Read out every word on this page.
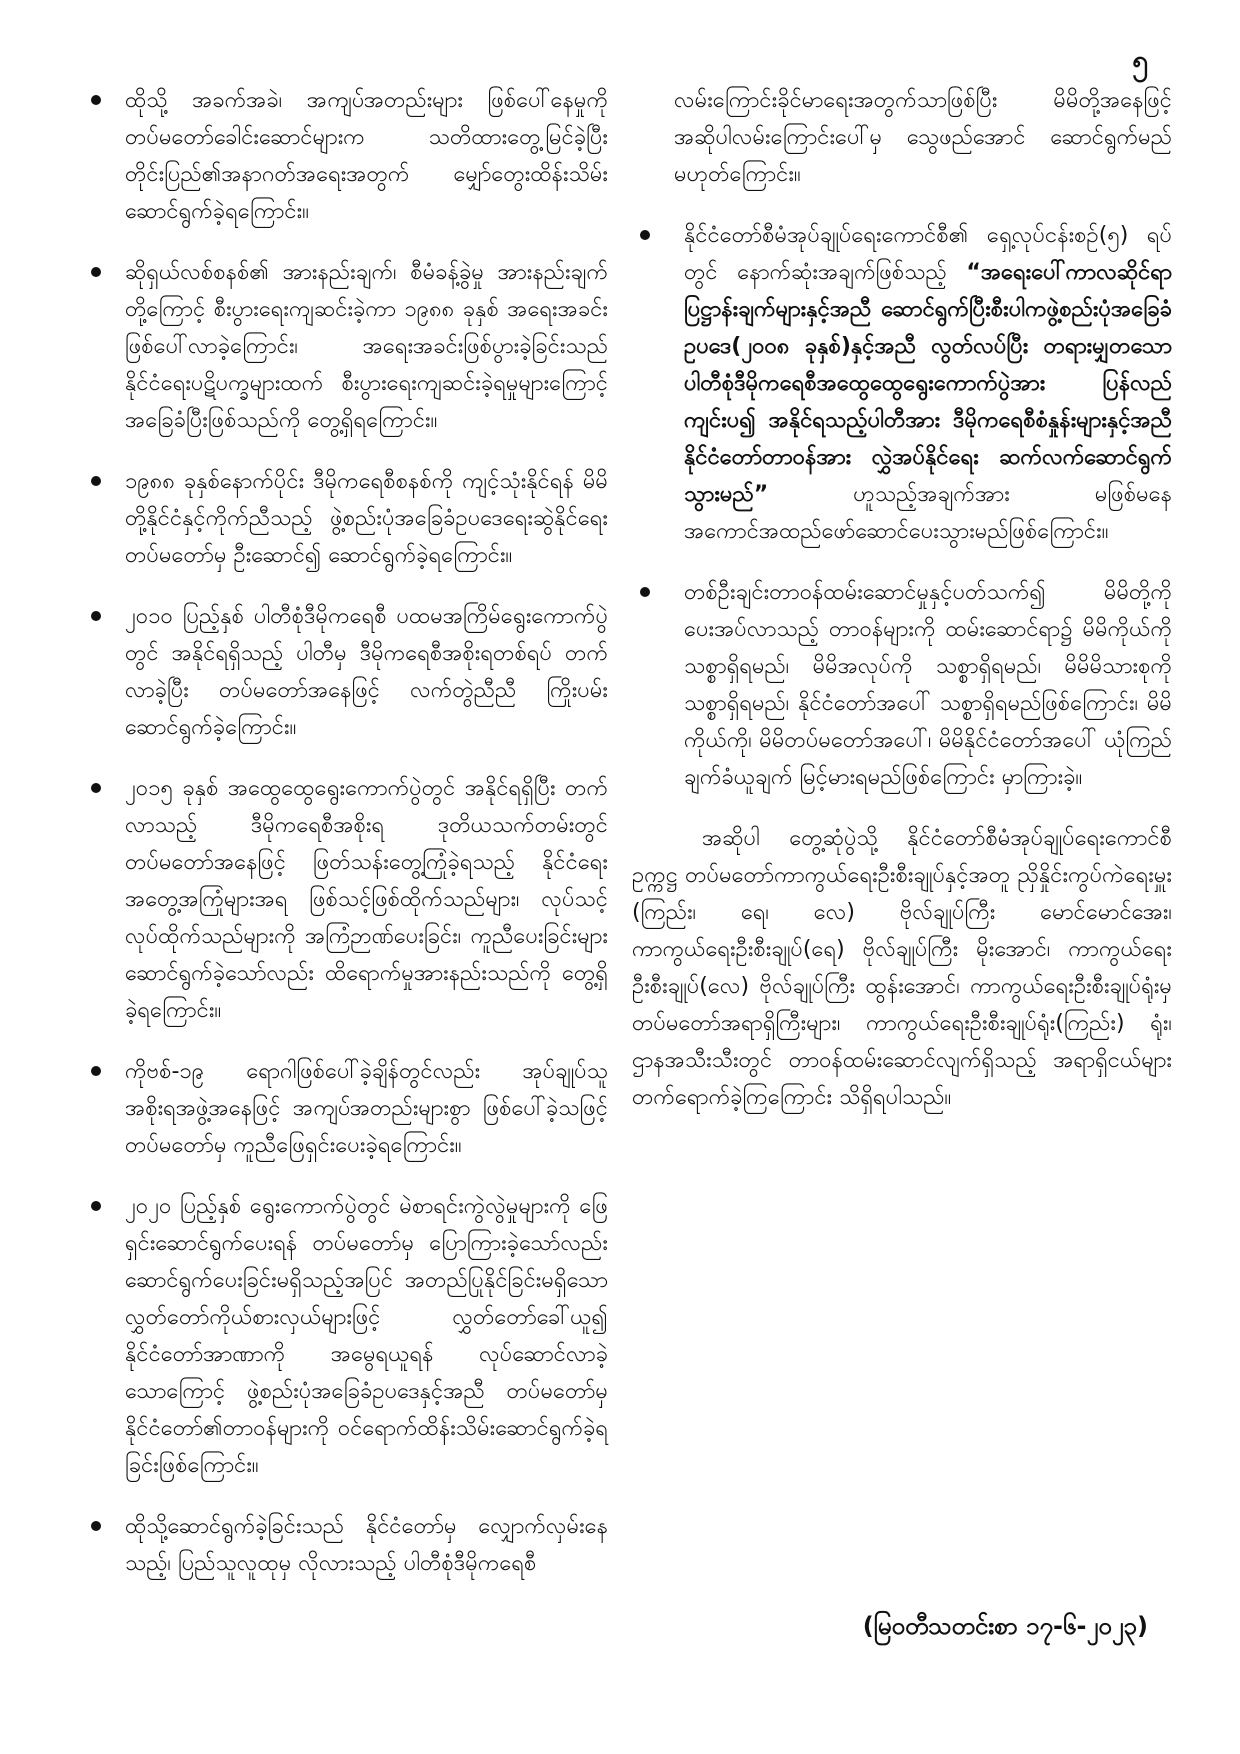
၅

ထိုသို့ အခက်အခဲ၊ အကျပ်အတည်းများ ဖြစ်ပေါ်နေမှုကို တပ်မတော်ခေါင်းဆောင်များက သတိထားတွေ့မြင်ခဲ့ပြီး တိုင်းပြည်၏အနာဂတ်အရေးအတွက် မျှော်တွေးထိန်းသိမ်းဆောင်ရွက်ခဲ့ရကြောင်း။

ဆိုရှယ်လစ်စနစ်၏ အားနည်းချက်၊ စီမံခန့်ခွဲမှု အားနည်းချက်တို့ကြောင့် စီးပွားရေးကျဆင်းခဲ့ကာ ၁၉၈၈ ခုနှစ် အရေးအခင်း ဖြစ်ပေါ်လာခဲ့ကြောင်း၊ အရေးအခင်းဖြစ်ပွားခဲ့ခြင်းသည် နိုင်ငံရေးပဋိပက္ခများထက် စီးပွားရေးကျဆင်းခဲ့ရမှုများကြောင့် အခြေခံပြီးဖြစ်သည်ကို တွေ့ရှိရကြောင်း။

၁၉၈၈ ခုနှစ်နောက်ပိုင်း ဒီမိုကရေစီစနစ်ကို ကျင့်သုံးနိုင်ရန် မိမိတို့နိုင်ငံနှင့်ကိုက်ညီသည့် ဖွဲ့စည်းပုံအခြေခံဥပဒေရေးဆွဲနိုင်ရေး တပ်မတော်မှ ဦးဆောင်၍ ဆောင်ရွက်ခဲ့ရကြောင်း။

၂၀၁၀ ပြည့်နှစ် ပါတီစုံဒီမိုကရေစီ ပထမအကြိမ်ရွေးကောက်ပွဲတွင် အနိုင်ရရှိသည့် ပါတီမှ ဒီမိုကရေစီအစိုးရတစ်ရပ် တက်လာခဲ့ပြီး တပ်မတော်အနေဖြင့် လက်တွဲညီညီ ကြိုးပမ်းဆောင်ရွက်ခဲ့ကြောင်း။

၂၀၁၅ ခုနှစ် အထွေထွေရွေးကောက်ပွဲတွင် အနိုင်ရရှိပြီး တက်လာသည့် ဒီမိုကရေစီအစိုးရ ဒုတိယသက်တမ်းတွင် တပ်မတော်အနေဖြင့် ဖြတ်သန်းတွေ့ကြုံခဲ့ရသည့် နိုင်ငံရေးအတွေ့အကြုံများအရ ဖြစ်သင့်ဖြစ်ထိုက်သည်များ၊ လုပ်သင့်လုပ်ထိုက်သည်များကို အကြံဉာဏ်ပေးခြင်း၊ ကူညီပေးခြင်းများ ဆောင်ရွက်ခဲ့သော်လည်း ထိရောက်မှုအားနည်းသည်ကို တွေ့ရှိခဲ့ရကြောင်း။

ကိုဗစ်-၁၉ ရောဂါဖြစ်ပေါ်ခဲ့ချိန်တွင်လည်း အုပ်ချုပ်သူအစိုးရအဖွဲ့အနေဖြင့် အကျပ်အတည်းများစွာ ဖြစ်ပေါ်ခဲ့သဖြင့် တပ်မတော်မှ ကူညီဖြေရှင်းပေးခဲ့ရကြောင်း။

၂၀၂၀ ပြည့်နှစ် ရွေးကောက်ပွဲတွင် မဲစာရင်းကွဲလွဲမှုများကို ဖြေရှင်းဆောင်ရွက်ပေးရန် တပ်မတော်မှ ပြောကြားခဲ့သော်လည်း ဆောင်ရွက်ပေးခြင်းမရှိသည့်အပြင် အတည်ပြုနိုင်ခြင်းမရှိသော လွှတ်တော်ကိုယ်စားလှယ်များဖြင့် လွှတ်တော်ခေါ်ယူ၍ နိုင်ငံတော်အာဏာကို အမွေရယူရန် လုပ်ဆောင်လာခဲ့သောကြောင့် ဖွဲ့စည်းပုံအခြေခံဥပဒေနှင့်အညီ တပ်မတော်မှ နိုင်ငံတော်၏တာဝန်များကို ဝင်ရောက်ထိန်းသိမ်းဆောင်ရွက်ခဲ့ရခြင်းဖြစ်ကြောင်း။

ထိုသို့ဆောင်ရွက်ခဲ့ခြင်းသည် နိုင်ငံတော်မှ လျှောက်လှမ်းနေသည့်၊ ပြည်သူလူထုမှ လိုလားသည့် ပါတီစုံဒီမိုကရေစီ

လမ်းကြောင်းခိုင်မာရေးအတွက်သာဖြစ်ပြီး မိမိတို့အနေဖြင့် အဆိုပါလမ်းကြောင်းပေါ်မှ သွေဖည်အောင် ဆောင်ရွက်မည်မဟုတ်ကြောင်း။

နိုင်ငံတော်စီမံအုပ်ချုပ်ရေးကောင်စီ၏ ရှေ့လုပ်ငန်းစဉ်(၅) ရပ်တွင် နောက်ဆုံးအချက်ဖြစ်သည့် “အရေးပေါ်ကာလဆိုင်ရာပြဋ္ဌာန်းချက်များနှင့်အညီ ဆောင်ရွက်ပြီးစီးပါကဖွဲ့စည်းပုံအခြေခံဥပဒေ(၂၀၀၈ ခုနှစ်)နှင့်အညီ လွတ်လပ်ပြီး တရားမျှတသော ပါတီစုံဒီမိုကရေစီအထွေထွေရွေးကောက်ပွဲအား ပြန်လည်ကျင်းပ၍ အနိုင်ရသည့်ပါတီအား ဒီမိုကရေစီစံနှုန်းများနှင့်အညီ နိုင်ငံတော်တာဝန်အား လွှဲအပ်နိုင်ရေး ဆက်လက်ဆောင်ရွက်သွားမည်” ဟူသည့်အချက်အား မဖြစ်မနေ အကောင်အထည်ဖော်ဆောင်ပေးသွားမည်ဖြစ်ကြောင်း။

တစ်ဦးချင်းတာဝန်ထမ်းဆောင်မှုနှင့်ပတ်သက်၍ မိမိတို့ကို ပေးအပ်လာသည့် တာဝန်များကို ထမ်းဆောင်ရာ၌ မိမိကိုယ်ကို သစ္စာရှိရမည်၊ မိမိအလုပ်ကို သစ္စာရှိရမည်၊ မိမိမိသားစုကို သစ္စာရှိရမည်၊ နိုင်ငံတော်အပေါ် သစ္စာရှိရမည်ဖြစ်ကြောင်း၊ မိမိကိုယ်ကို၊ မိမိတပ်မတော်အပေါ်၊ မိမိနိုင်ငံတော်အပေါ် ယုံကြည်ချက်ခံယူချက် မြင့်မားရမည်ဖြစ်ကြောင်း မှာကြားခဲ့။

အဆိုပါ တွေ့ဆုံပွဲသို့ နိုင်ငံတော်စီမံအုပ်ချုပ်ရေးကောင်စီဥက္ကဋ္ဌ တပ်မတော်ကာကွယ်ရေးဦးစီးချုပ်နှင့်အတူ ညှိနှိုင်းကွပ်ကဲရေးမှူး (ကြည်း၊ ရေ၊ လေ) ဗိုလ်ချုပ်ကြီး မောင်မောင်အေး၊ ကာကွယ်ရေးဦးစီးချုပ်(ရေ) ဗိုလ်ချုပ်ကြီး မိုးအောင်၊ ကာကွယ်ရေး ဦးစီးချုပ်(လေ) ဗိုလ်ချုပ်ကြီး ထွန်းအောင်၊ ကာကွယ်ရေးဦးစီးချုပ်ရုံးမှ တပ်မတော်အရာရှိကြီးများ၊ ကာကွယ်ရေးဦးစီးချုပ်ရုံး(ကြည်း) ရုံး၊ ဌာနအသီးသီးတွင် တာဝန်ထမ်းဆောင်လျက်ရှိသည့် အရာရှိငယ်များ တက်ရောက်ခဲ့ကြကြောင်း သိရှိရပါသည်။

(မြဝတီသတင်းစာ ၁၇-၆-၂၀၂၃)
